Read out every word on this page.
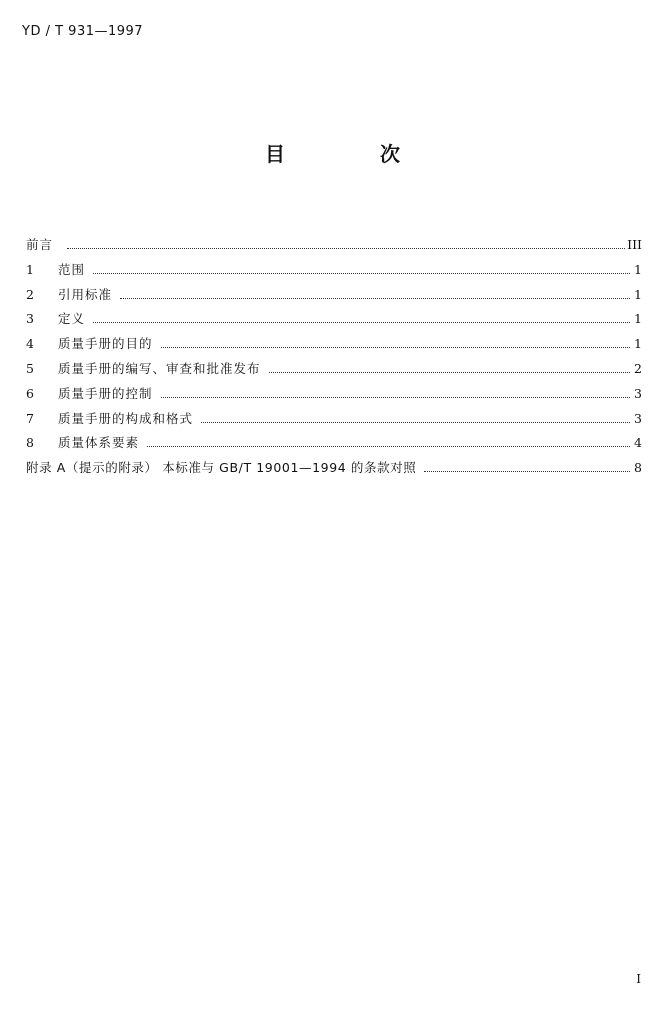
YD / T 931—1997
目 次
前言	III
1	范围	1
2	引用标准	1
3	定义	1
4	质量手册的目的	1
5	质量手册的编写、审查和批准发布	2
6	质量手册的控制	3
7	质量手册的构成和格式	3
8	质量体系要素	4
附录 A（提示的附录） 本标准与 GB/T 19001—1994 的条款对照	8
I
